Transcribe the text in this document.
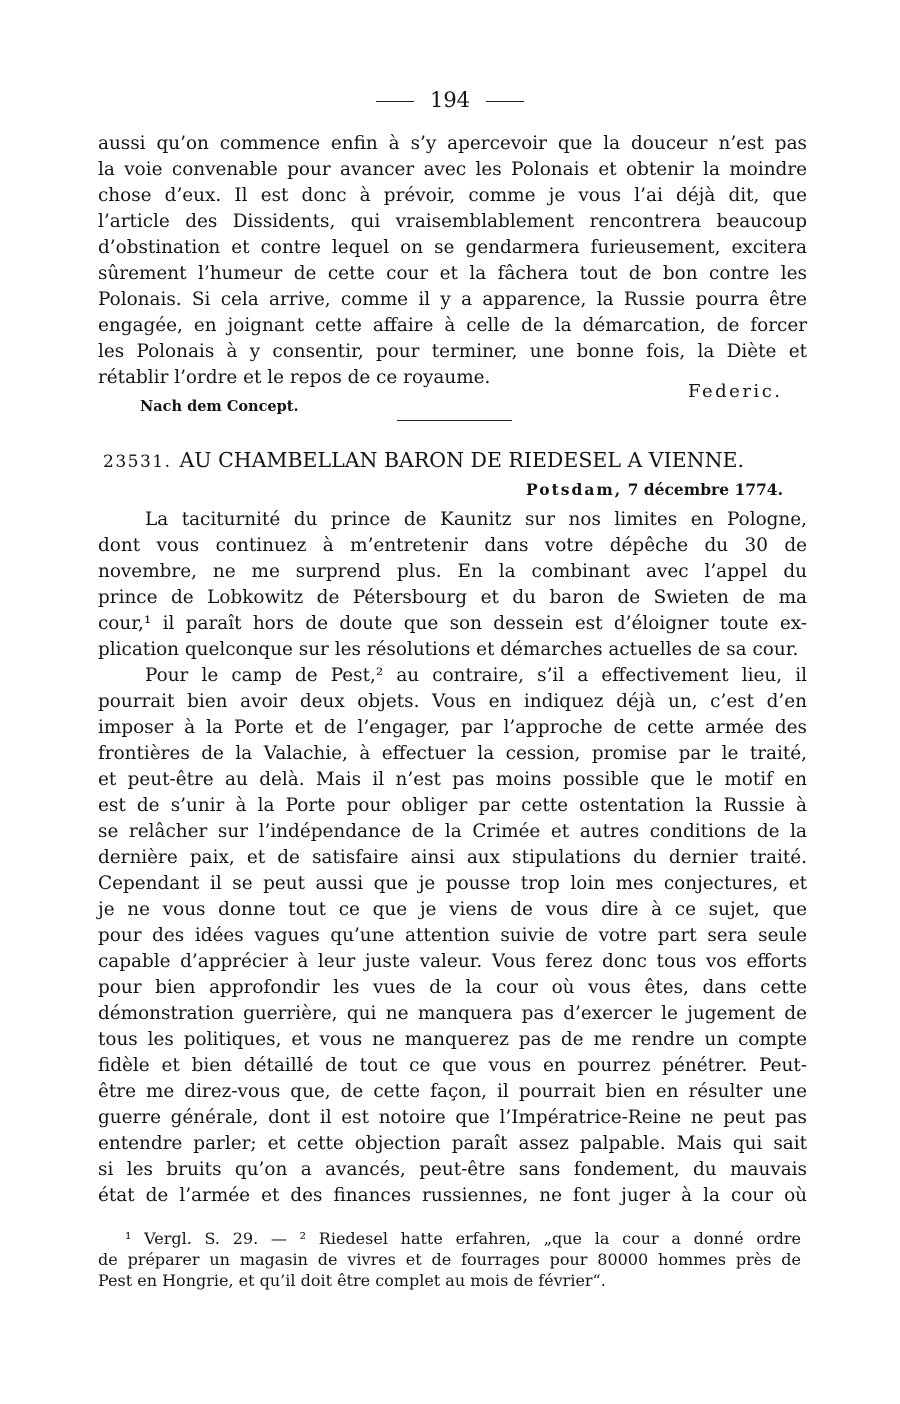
194
aussi qu’on commence enfin à s’y apercevoir que la douceur n’est pas
la voie convenable pour avancer avec les Polonais et obtenir la moindre
chose d’eux. Il est donc à prévoir, comme je vous l’ai déjà dit, que
l’article des Dissidents, qui vraisemblablement rencontrera beaucoup
d’obstination et contre lequel on se gendarmera furieusement, excitera
sûrement l’humeur de cette cour et la fâchera tout de bon contre les
Polonais. Si cela arrive, comme il y a apparence, la Russie pourra être
engagée, en joignant cette affaire à celle de la démarcation, de forcer
les Polonais à y consentir, pour terminer, une bonne fois, la Diète et
rétablir l’ordre et le repos de ce royaume.
Federic.
Nach dem Concept.
23531. AU CHAMBELLAN BARON DE RIEDESEL A VIENNE.
Potsdam, 7 décembre 1774.
La taciturnité du prince de Kaunitz sur nos limites en Pologne,
dont vous continuez à m’entretenir dans votre dépêche du 30 de
novembre, ne me surprend plus. En la combinant avec l’appel du
prince de Lobkowitz de Pétersbourg et du baron de Swieten de ma
cour,¹ il paraît hors de doute que son dessein est d’éloigner toute ex-
plication quelconque sur les résolutions et démarches actuelles de sa cour.
Pour le camp de Pest,² au contraire, s’il a effectivement lieu, il
pourrait bien avoir deux objets. Vous en indiquez déjà un, c’est d’en
imposer à la Porte et de l’engager, par l’approche de cette armée des
frontières de la Valachie, à effectuer la cession, promise par le traité,
et peut-être au delà. Mais il n’est pas moins possible que le motif en
est de s’unir à la Porte pour obliger par cette ostentation la Russie à
se relâcher sur l’indépendance de la Crimée et autres conditions de la
dernière paix, et de satisfaire ainsi aux stipulations du dernier traité.
Cependant il se peut aussi que je pousse trop loin mes conjectures, et
je ne vous donne tout ce que je viens de vous dire à ce sujet, que
pour des idées vagues qu’une attention suivie de votre part sera seule
capable d’apprécier à leur juste valeur. Vous ferez donc tous vos efforts
pour bien approfondir les vues de la cour où vous êtes, dans cette
démonstration guerrière, qui ne manquera pas d’exercer le jugement de
tous les politiques, et vous ne manquerez pas de me rendre un compte
fidèle et bien détaillé de tout ce que vous en pourrez pénétrer. Peut-
être me direz-vous que, de cette façon, il pourrait bien en résulter une
guerre générale, dont il est notoire que l’Impératrice-Reine ne peut pas
entendre parler; et cette objection paraît assez palpable. Mais qui sait
si les bruits qu’on a avancés, peut-être sans fondement, du mauvais
état de l’armée et des finances russiennes, ne font juger à la cour où
¹ Vergl. S. 29. — ² Riedesel hatte erfahren, „que la cour a donné ordre
de préparer un magasin de vivres et de fourrages pour 80000 hommes près de
Pest en Hongrie, et qu’il doit être complet au mois de février“.
